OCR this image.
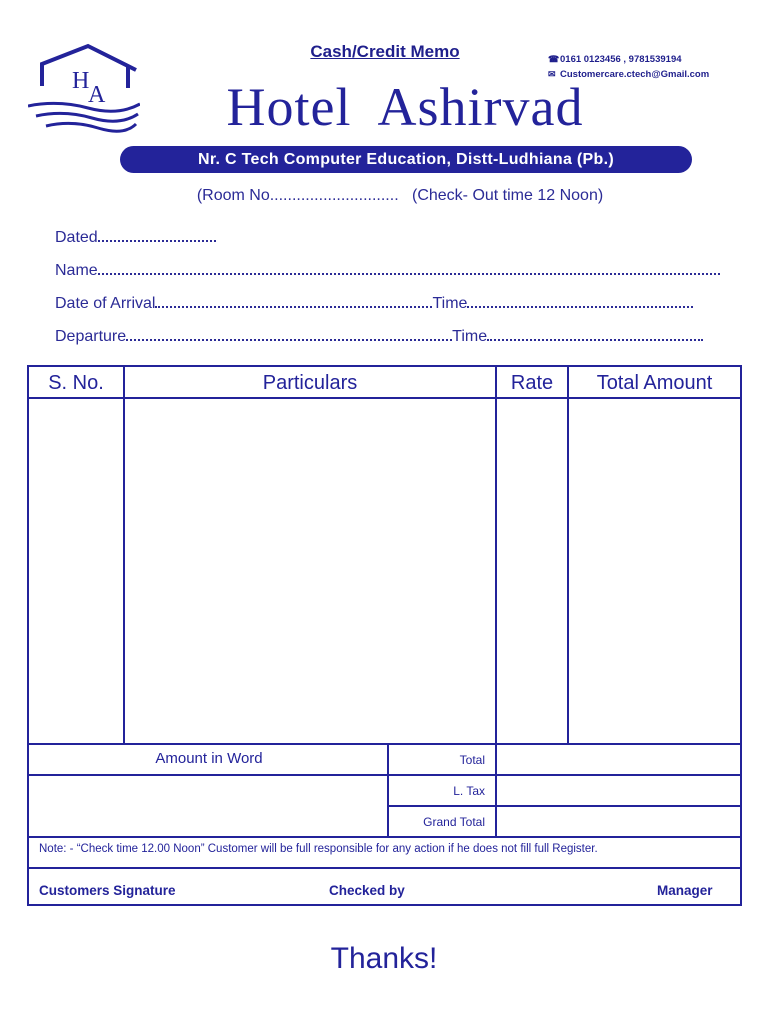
H
A
Cash/Credit Memo	☎0161 0123456 , 9781539194
✉ Customercare.ctech@Gmail.com
Hotel  Ashirvad
Nr. C Tech Computer Education, Distt-Ludhiana (Pb.)
(Room No............................. (Check- Out time 12 Noon)
Dated
Name
Date of Arrival	Time
Departure	Time
S. No.	Particulars	Rate	Total Amount
Amount in Word	Total
L. Tax
Grand Total
Note: - “Check time 12.00 Noon” Customer will be full responsible for any action if he does not fill full Register.
Customers Signature	Checked by	Manager
Thanks!
